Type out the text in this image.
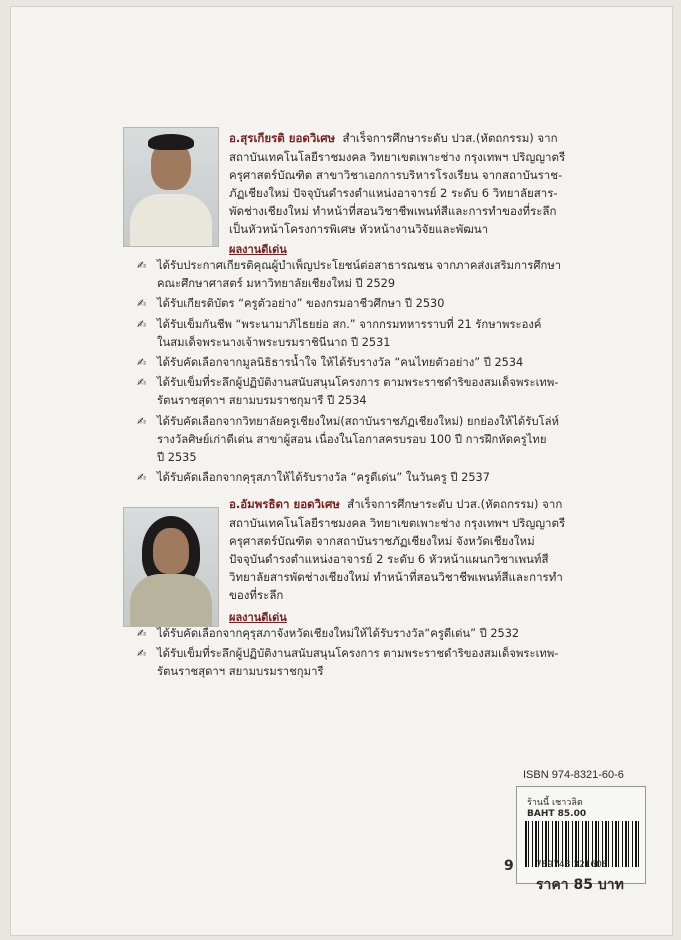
อ.สุรเกียรติ ยอดวิเศษ สำเร็จการศึกษาระดับ ปวส.(หัตถกรรม) จาก
สถาบันเทคโนโลยีราชมงคล วิทยาเขตเพาะช่าง กรุงเทพฯ ปริญญาตรี
ครุศาสตร์บัณฑิต สาขาวิชาเอกการบริหารโรงเรียน จากสถาบันราช-
ภัฏเชียงใหม่ ปัจจุบันดำรงตำแหน่งอาจารย์ 2 ระดับ 6 วิทยาลัยสาร-
พัดช่างเชียงใหม่ ทำหน้าที่สอนวิชาชีพเพนท์สีและการทำของที่ระลึก
เป็นหัวหน้าโครงการพิเศษ หัวหน้างานวิจัยและพัฒนา
ผลงานดีเด่น
✍ ได้รับประกาศเกียรติคุณผู้บำเพ็ญประโยชน์ต่อสาธารณชน จากภาคส่งเสริมการศึกษา
คณะศึกษาศาสตร์ มหาวิทยาลัยเชียงใหม่ ปี 2529
✍ ได้รับเกียรติบัตร “ครูตัวอย่าง” ของกรมอาชีวศึกษา ปี 2530
✍ ได้รับเข็มกันชีพ “พระนามาภิไธยย่อ สก.” จากกรมทหารราบที่ 21 รักษาพระองค์
ในสมเด็จพระนางเจ้าพระบรมราชินีนาถ ปี 2531
✍ ได้รับคัดเลือกจากมูลนิธิธารน้ำใจ ให้ได้รับรางวัล “คนไทยตัวอย่าง” ปี 2534
✍ ได้รับเข็มที่ระลึกผู้ปฏิบัติงานสนับสนุนโครงการ ตามพระราชดำริของสมเด็จพระเทพ-
รัตนราชสุดาฯ สยามบรมราชกุมารี ปี 2534
✍ ได้รับคัดเลือกจากวิทยาลัยครูเชียงใหม่(สถาบันราชภัฏเชียงใหม่) ยกย่องให้ได้รับโล่ห์
รางวัลศิษย์เก่าดีเด่น สาขาผู้สอน เนื่องในโอกาสครบรอบ 100 ปี การฝึกหัดครูไทย
ปี 2535
✍ ได้รับคัดเลือกจากคุรุสภาให้ได้รับรางวัล “ครูดีเด่น” ในวันครู ปี 2537
อ.อัมพรธิดา ยอดวิเศษ สำเร็จการศึกษาระดับ ปวส.(หัตถกรรม) จาก
สถาบันเทคโนโลยีราชมงคล วิทยาเขตเพาะช่าง กรุงเทพฯ ปริญญาตรี
ครุศาสตร์บัณฑิต จากสถาบันราชภัฏเชียงใหม่ จังหวัดเชียงใหม่
ปัจจุบันดำรงตำแหน่งอาจารย์ 2 ระดับ 6 หัวหน้าแผนกวิชาเพนท์สี
วิทยาลัยสารพัดช่างเชียงใหม่ ทำหน้าที่สอนวิชาชีพเพนท์สีและการทำ
ของที่ระลึก
ผลงานดีเด่น
✍ ได้รับคัดเลือกจากคุรุสภาจังหวัดเชียงใหม่ให้ได้รับรางวัล“ครูดีเด่น” ปี 2532
✍ ได้รับเข็มที่ระลึกผู้ปฏิบัติงานสนับสนุนโครงการ ตามพระราชดำริของสมเด็จพระเทพ-
รัตนราชสุดาฯ สยามบรมราชกุมารี
ISBN 974-8321-60-6
ร้านนี้ เชาวลิต
BAHT 85.00
9 789748 321608
ราคา 85 บาท
